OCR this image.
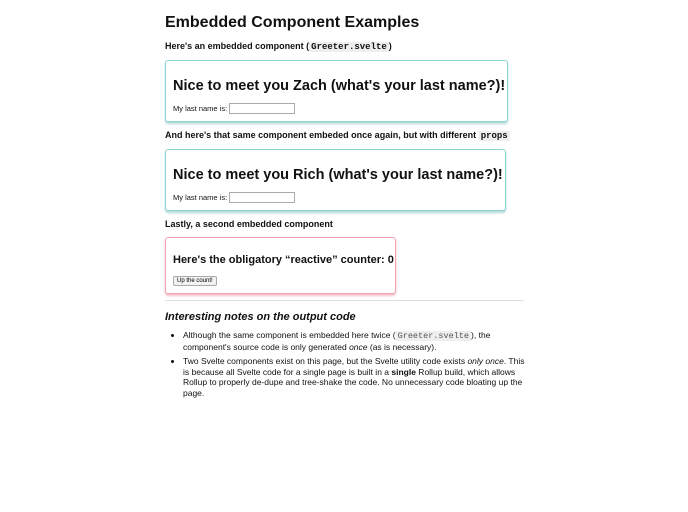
Embedded Component Examples
Here's an embedded component ( Greeter.svelte )
Nice to meet you Zach (what's your last name?)!
My last name is:
And here's that same component embeded once again, but with different props
Nice to meet you Rich (what's your last name?)!
My last name is:
Lastly, a second embedded component
Here's the obligatory “reactive” counter: 0
Up the count!
Interesting notes on the output code
• Although the same component is embedded here twice ( Greeter.svelte ), the component's source code is only generated once (as is necessary).
• Two Svelte components exist on this page, but the Svelte utility code exists only once. This is because all Svelte code for a single page is built in a single Rollup build, which allows Rollup to properly de-dupe and tree-shake the code. No unnecessary code bloating up the page.
